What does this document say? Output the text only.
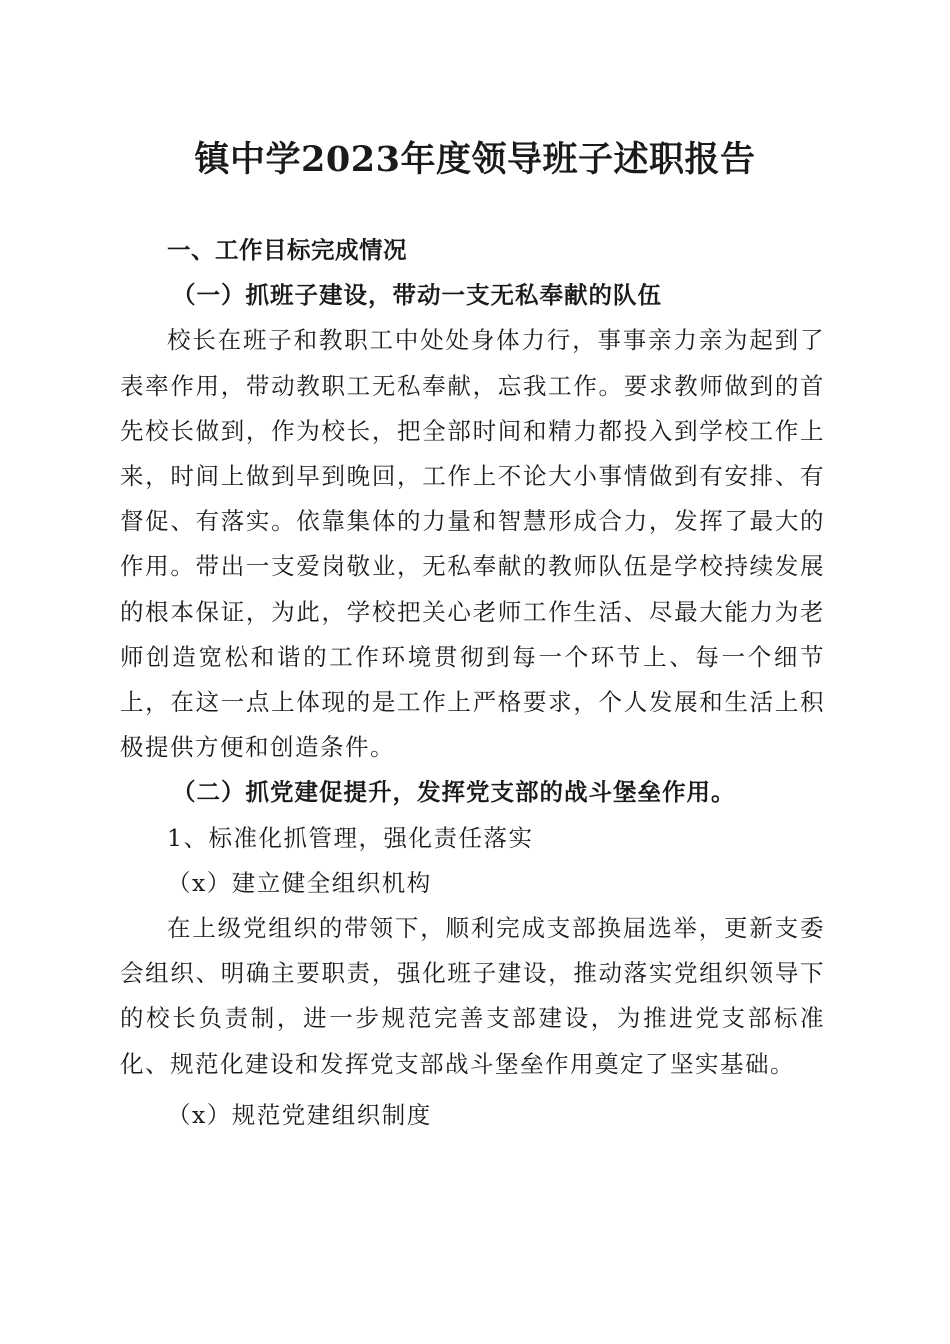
镇中学2023年度领导班子述职报告
一、工作目标完成情况
（一）抓班子建设，带动一支无私奉献的队伍

校长在班子和教职工中处处身体力行，事事亲力亲为起到了表率作用，带动教职工无私奉献，忘我工作。要求教师做到的首先校长做到，作为校长，把全部时间和精力都投入到学校工作上来，时间上做到早到晚回，工作上不论大小事情做到有安排、有督促、有落实。依靠集体的力量和智慧形成合力，发挥了最大的作用。带出一支爱岗敬业，无私奉献的教师队伍是学校持续发展的根本保证，为此，学校把关心老师工作生活、尽最大能力为老师创造宽松和谐的工作环境贯彻到每一个环节上、每一个细节上，在这一点上体现的是工作上严格要求，个人发展和生活上积极提供方便和创造条件。

（二）抓党建促提升，发挥党支部的战斗堡垒作用。
1、标准化抓管理，强化责任落实
（x）建立健全组织机构

在上级党组织的带领下，顺利完成支部换届选举，更新支委会组织、明确主要职责，强化班子建设，推动落实党组织领导下的校长负责制，进一步规范完善支部建设，为推进党支部标准化、规范化建设和发挥党支部战斗堡垒作用奠定了坚实基础。

（x）规范党建组织制度
